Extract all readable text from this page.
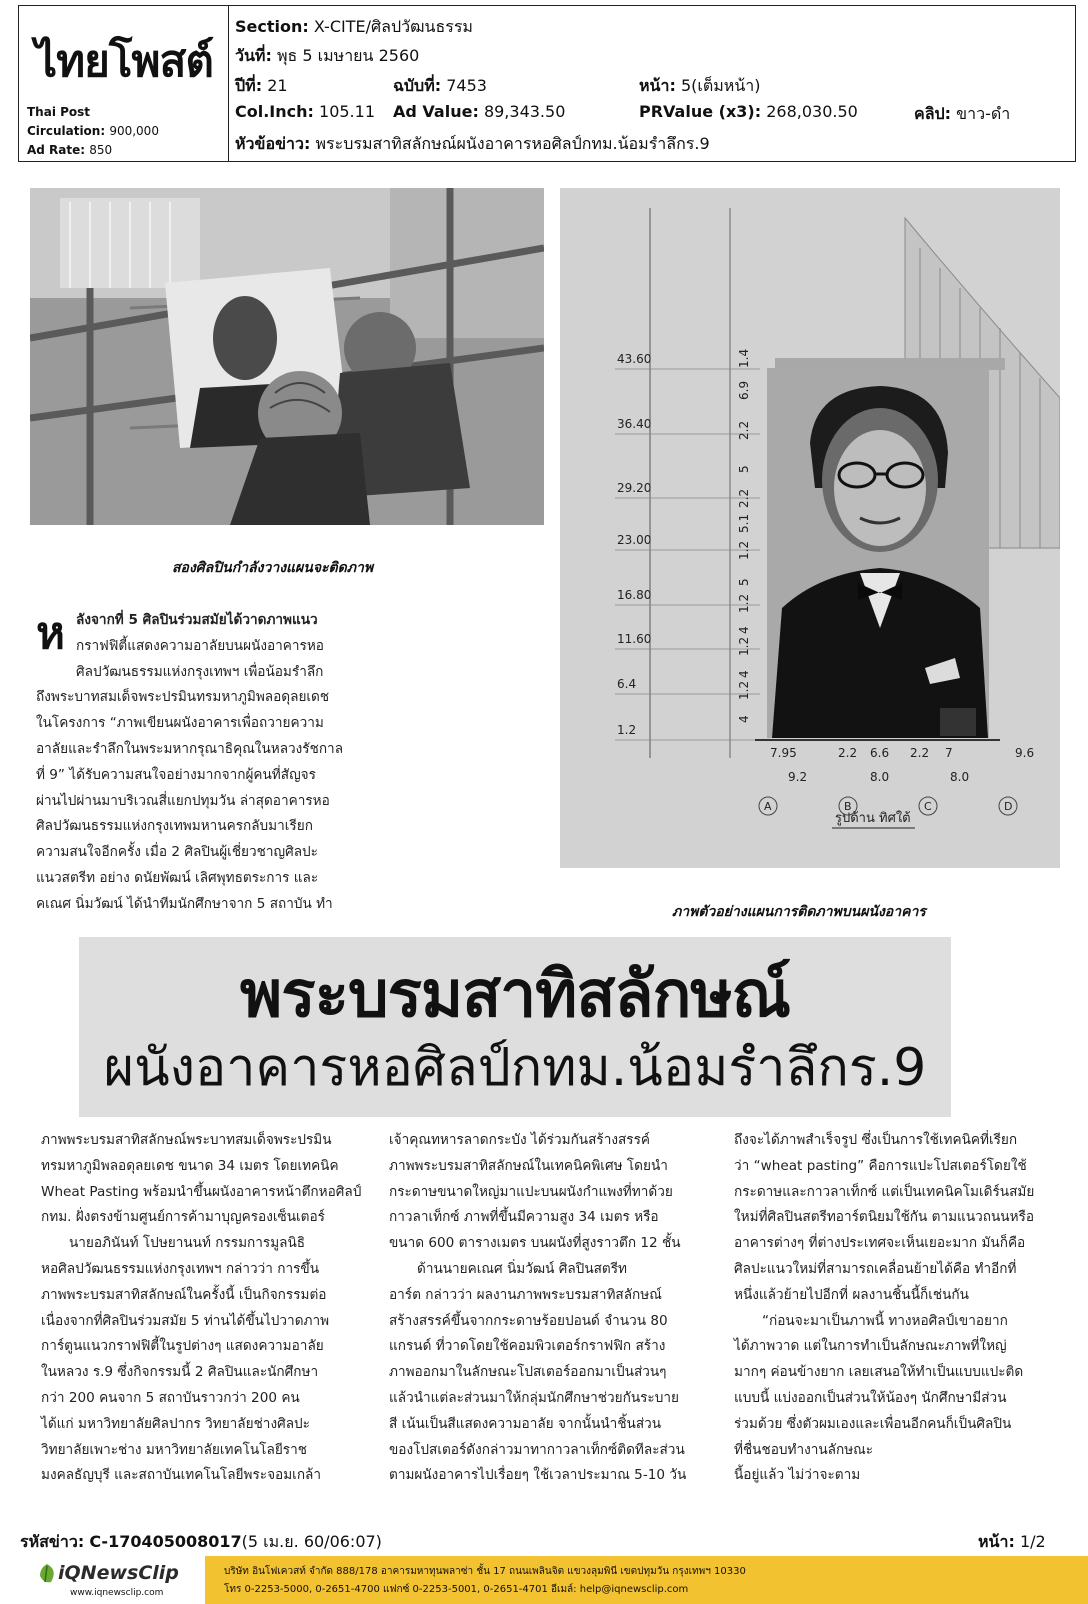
ไทยโพสต์
Thai Post
Circulation: 900,000
Ad Rate: 850
Section: X-CITE/ศิลปวัฒนธรรม
วันที่: พุธ 5 เมษายน 2560
ปีที่: 21	ฉบับที่: 7453	หน้า: 5(เต็มหน้า)
Col.Inch: 105.11 Ad Value: 89,343.50	PRValue (x3): 268,030.50	คลิป: ขาว-ดำ
หัวข้อข่าว: พระบรมสาทิสลักษณ์ผนังอาคารหอศิลป์กทม.น้อมรำลึกร.9
สองศิลปินกำลังวางแผนจะติดภาพ
43.60
36.40
29.20
23.00
16.80
11.60
6.4
1.2
1.4
6.9
2.2
5
2.2
5.1
1.2
5
1.2
4
1.2
4
1.2
4
7.95	2.2 6.6 2.2 7	9.6
9.2	8.0	8.0
A	B	C	D
รูปด้าน ทิศใต้
ภาพตัวอย่างแผนการติดภาพบนผนังอาคาร
ห ลังจากที่ 5 ศิลปินร่วมสมัยได้วาดภาพแนว

กราฟฟิตี้แสดงความอาลัยบนผนังอาคารหอ

ศิลปวัฒนธรรมแห่งกรุงเทพฯ เพื่อน้อมรำลึก

ถึงพระบาทสมเด็จพระปรมินทรมหาภูมิพลอดุลยเดช

ในโครงการ “ภาพเขียนผนังอาคารเพื่อถวายความ

อาลัยและรำลึกในพระมหากรุณาธิคุณในหลวงรัชกาล

ที่ 9” ได้รับความสนใจอย่างมากจากผู้คนที่สัญจร

ผ่านไปผ่านมาบริเวณสี่แยกปทุมวัน ล่าสุดอาคารหอ

ศิลปวัฒนธรรมแห่งกรุงเทพมหานครกลับมาเรียก

ความสนใจอีกครั้ง เมื่อ 2 ศิลปินผู้เชี่ยวชาญศิลปะ

แนวสตรีท อย่าง ดนัยพัฒน์ เลิศพุทธตระการ และ

คเณศ นิ่มวัฒน์ ได้นำทีมนักศึกษาจาก 5 สถาบัน ทำ

พระบรมสาทิสลักษณ์
ผนังอาคารหอศิลป์กทม.น้อมรำลึกร.9

ภาพพระบรมสาทิสลักษณ์พระบาทสมเด็จพระปรมิน

ทรมหาภูมิพลอดุลยเดช ขนาด 34 เมตร โดยเทคนิค

Wheat Pasting พร้อมนำขึ้นผนังอาคารหน้าตึกหอศิลป์

กทม. ฝั่งตรงข้ามศูนย์การค้ามาบุญครองเซ็นเตอร์

นายอภินันท์ โปษยานนท์ กรรมการมูลนิธิ

หอศิลปวัฒนธรรมแห่งกรุงเทพฯ กล่าวว่า การขึ้น

ภาพพระบรมสาทิสลักษณ์ในครั้งนี้ เป็นกิจกรรมต่อ

เนื่องจากที่ศิลปินร่วมสมัย 5 ท่านได้ขึ้นไปวาดภาพ

การ์ตูนแนวกราฟฟิตี้ในรูปต่างๆ แสดงความอาลัย

ในหลวง ร.9 ซึ่งกิจกรรมนี้ 2 ศิลปินและนักศึกษา

กว่า 200 คนจาก 5 สถาบันราวกว่า 200 คน

ได้แก่ มหาวิทยาลัยศิลปากร วิทยาลัยช่างศิลปะ

วิทยาลัยเพาะช่าง มหาวิทยาลัยเทคโนโลยีราช

มงคลธัญบุรี และสถาบันเทคโนโลยีพระจอมเกล้า

เจ้าคุณทหารลาดกระบัง ได้ร่วมกันสร้างสรรค์

ภาพพระบรมสาทิสลักษณ์ในเทคนิคพิเศษ โดยนำ

กระดาษขนาดใหญ่มาแปะบนผนังกำแพงที่ทาด้วย

กาวลาเท็กซ์ ภาพที่ขึ้นมีความสูง 34 เมตร หรือ

ขนาด 600 ตารางเมตร บนผนังที่สูงราวตึก 12 ชั้น

ด้านนายคเณศ นิ่มวัฒน์ ศิลปินสตรีท

อาร์ต กล่าวว่า ผลงานภาพพระบรมสาทิสลักษณ์

สร้างสรรค์ขึ้นจากกระดาษร้อยปอนด์ จำนวน 80

แกรนด์ ที่วาดโดยใช้คอมพิวเตอร์กราฟฟิก สร้าง

ภาพออกมาในลักษณะโปสเตอร์ออกมาเป็นส่วนๆ

แล้วนำแต่ละส่วนมาให้กลุ่มนักศึกษาช่วยกันระบาย

สี เน้นเป็นสีแสดงความอาลัย จากนั้นนำชิ้นส่วน

ของโปสเตอร์ดังกล่าวมาทากาวลาเท็กซ์ติดทีละส่วน

ตามผนังอาคารไปเรื่อยๆ ใช้เวลาประมาณ 5-10 วัน

ถึงจะได้ภาพสำเร็จรูป ซึ่งเป็นการใช้เทคนิคที่เรียก

ว่า “wheat pasting” คือการแปะโปสเตอร์โดยใช้

กระดาษและกาวลาเท็กซ์ แต่เป็นเทคนิคโมเดิร์นสมัย

ใหม่ที่ศิลปินสตรีทอาร์ตนิยมใช้กัน ตามแนวถนนหรือ

อาคารต่างๆ ที่ต่างประเทศจะเห็นเยอะมาก มันก็คือ

ศิลปะแนวใหม่ที่สามารถเคลื่อนย้ายได้คือ ทำอีกที่

หนึ่งแล้วย้ายไปอีกที่ ผลงานชิ้นนี้ก็เช่นกัน

“ก่อนจะมาเป็นภาพนี้ ทางหอศิลป์เขาอยาก

ได้ภาพวาด แต่ในการทำเป็นลักษณะภาพที่ใหญ่

มากๆ ค่อนข้างยาก เลยเสนอให้ทำเป็นแบบแปะติด

แบบนี้ แบ่งออกเป็นส่วนให้น้องๆ นักศึกษามีส่วน

ร่วมด้วย ซึ่งตัวผมเองและเพื่อนอีกคนก็เป็นศิลปิน

ที่ชื่นชอบทำงานลักษณะ

นี้อยู่แล้ว ไม่ว่าจะตาม

รหัสข่าว: C-170405008017(5 เม.ย. 60/06:07)	หน้า: 1/2
iQNewsClip
www.iqnewsclip.com
บริษัท อินโฟเควสท์ จำกัด 888/178 อาคารมหาทุนพลาซ่า ชั้น 17 ถนนเพลินจิต แขวงลุมพินี เขตปทุมวัน กรุงเทพฯ 10330
โทร 0-2253-5000, 0-2651-4700 แฟกซ์ 0-2253-5001, 0-2651-4701 อีเมล์: help@iqnewsclip.com
